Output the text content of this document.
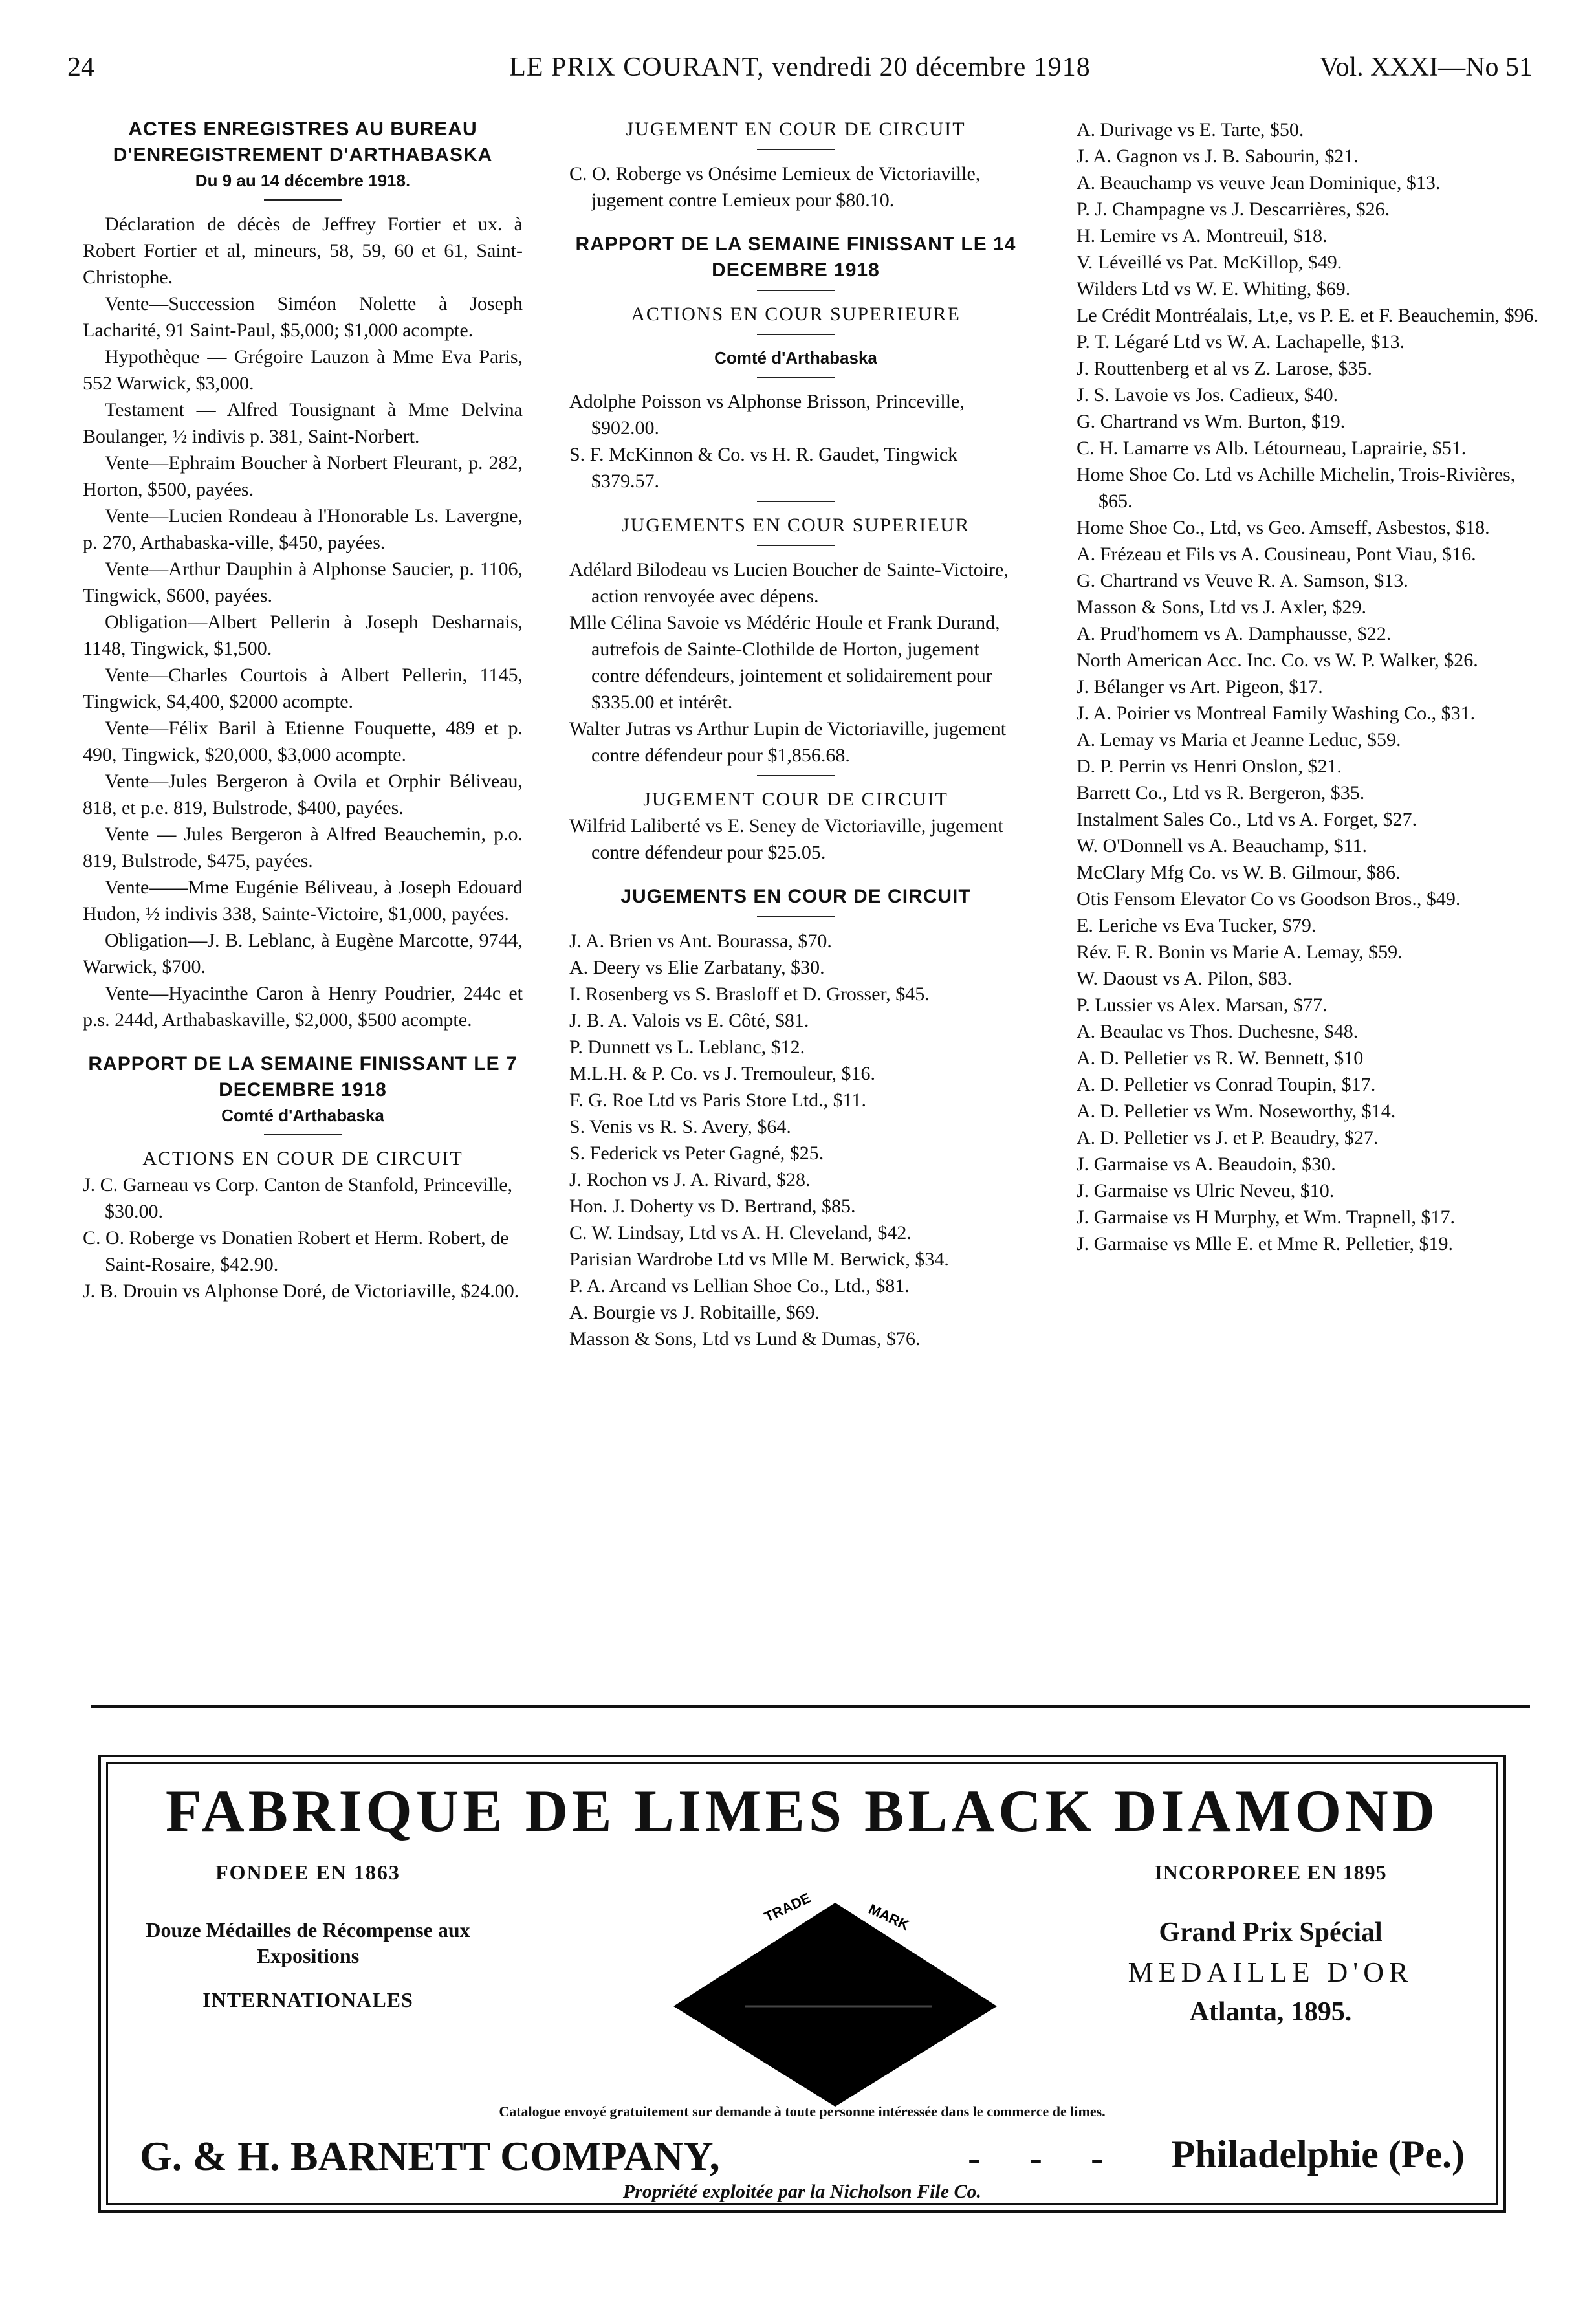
24	LE PRIX COURANT, vendredi 20 décembre 1918	Vol. XXXI—No 51
ACTES ENREGISTRES AU BUREAU D'ENREGISTREMENT D'ARTHABASKA
Du 9 au 14 décembre 1918.

Déclaration de décès de Jeffrey Fortier et ux. à Robert Fortier et al, mineurs, 58, 59, 60 et 61, Saint-Christophe.

Vente—Succession Siméon Nolette à Joseph Lacharité, 91 Saint-Paul, $5,000; $1,000 acompte.

Hypothèque — Grégoire Lauzon à Mme Eva Paris, 552 Warwick, $3,000.

Testament — Alfred Tousignant à Mme Delvina Boulanger, ½ indivis p. 381, Saint-Norbert.

Vente—Ephraim Boucher à Norbert Fleurant, p. 282, Horton, $500, payées.

Vente—Lucien Rondeau à l'Honorable Ls. Lavergne, p. 270, Arthabaska-ville, $450, payées.

Vente—Arthur Dauphin à Alphonse Saucier, p. 1106, Tingwick, $600, payées.

Obligation—Albert Pellerin à Joseph Desharnais, 1148, Tingwick, $1,500.

Vente—Charles Courtois à Albert Pellerin, 1145, Tingwick, $4,400, $2000 acompte.

Vente—Félix Baril à Etienne Fouquette, 489 et p. 490, Tingwick, $20,000, $3,000 acompte.

Vente—Jules Bergeron à Ovila et Orphir Béliveau, 818, et p.e. 819, Bulstrode, $400, payées.

Vente — Jules Bergeron à Alfred Beauchemin, p.o. 819, Bulstrode, $475, payées.

Vente——Mme Eugénie Béliveau, à Joseph Edouard Hudon, ½ indivis 338, Sainte-Victoire, $1,000, payées.

Obligation—J. B. Leblanc, à Eugène Marcotte, 9744, Warwick, $700.

Vente—Hyacinthe Caron à Henry Poudrier, 244c et p.s. 244d, Arthabaskaville, $2,000, $500 acompte.

RAPPORT DE LA SEMAINE FINISSANT LE 7 DECEMBRE 1918
Comté d'Arthabaska
ACTIONS EN COUR DE CIRCUIT

J. C. Garneau vs Corp. Canton de Stanfold, Princeville, $30.00.

C. O. Roberge vs Donatien Robert et Herm. Robert, de Saint-Rosaire, $42.90.

J. B. Drouin vs Alphonse Doré, de Victoriaville, $24.00.

JUGEMENT EN COUR DE CIRCUIT

C. O. Roberge vs Onésime Lemieux de Victoriaville, jugement contre Lemieux pour $80.10.

RAPPORT DE LA SEMAINE FINISSANT LE 14 DECEMBRE 1918
ACTIONS EN COUR SUPERIEURE
Comté d'Arthabaska

Adolphe Poisson vs Alphonse Brisson, Princeville, $902.00.

S. F. McKinnon & Co. vs H. R. Gaudet, Tingwick $379.57.

JUGEMENTS EN COUR SUPERIEUR

Adélard Bilodeau vs Lucien Boucher de Sainte-Victoire, action renvoyée avec dépens.

Mlle Célina Savoie vs Médéric Houle et Frank Durand, autrefois de Sainte-Clothilde de Horton, jugement contre défendeurs, jointement et solidairement pour $335.00 et intérêt.

Walter Jutras vs Arthur Lupin de Victoriaville, jugement contre défendeur pour $1,856.68.

JUGEMENT COUR DE CIRCUIT

Wilfrid Laliberté vs E. Seney de Victoriaville, jugement contre défendeur pour $25.05.

JUGEMENTS EN COUR DE CIRCUIT

J. A. Brien vs Ant. Bourassa, $70.

A. Deery vs Elie Zarbatany, $30.

I. Rosenberg vs S. Brasloff et D. Grosser, $45.

J. B. A. Valois vs E. Côté, $81.

P. Dunnett vs L. Leblanc, $12.

M.L.H. & P. Co. vs J. Tremouleur, $16.

F. G. Roe Ltd vs Paris Store Ltd., $11.

S. Venis vs R. S. Avery, $64.

S. Federick vs Peter Gagné, $25.

J. Rochon vs J. A. Rivard, $28.

Hon. J. Doherty vs D. Bertrand, $85.

C. W. Lindsay, Ltd vs A. H. Cleveland, $42.

Parisian Wardrobe Ltd vs Mlle M. Berwick, $34.

P. A. Arcand vs Lellian Shoe Co., Ltd., $81.

A. Bourgie vs J. Robitaille, $69.

Masson & Sons, Ltd vs Lund & Dumas, $76.

A. Durivage vs E. Tarte, $50.

J. A. Gagnon vs J. B. Sabourin, $21.

A. Beauchamp vs veuve Jean Dominique, $13.

P. J. Champagne vs J. Descarrières, $26.

H. Lemire vs A. Montreuil, $18.

V. Léveillé vs Pat. McKillop, $49.

Wilders Ltd vs W. E. Whiting, $69.

Le Crédit Montréalais, Lt,e, vs P. E. et F. Beauchemin, $96.

P. T. Légaré Ltd vs W. A. Lachapelle, $13.

J. Routtenberg et al vs Z. Larose, $35.

J. S. Lavoie vs Jos. Cadieux, $40.

G. Chartrand vs Wm. Burton, $19.

C. H. Lamarre vs Alb. Létourneau, Laprairie, $51.

Home Shoe Co. Ltd vs Achille Michelin, Trois-Rivières, $65.

Home Shoe Co., Ltd, vs Geo. Amseff, Asbestos, $18.

A. Frézeau et Fils vs A. Cousineau, Pont Viau, $16.

G. Chartrand vs Veuve R. A. Samson, $13.

Masson & Sons, Ltd vs J. Axler, $29.

A. Prud'homem vs A. Damphausse, $22.

North American Acc. Inc. Co. vs W. P. Walker, $26.

J. Bélanger vs Art. Pigeon, $17.

J. A. Poirier vs Montreal Family Washing Co., $31.

A. Lemay vs Maria et Jeanne Leduc, $59.

D. P. Perrin vs Henri Onslon, $21.

Barrett Co., Ltd vs R. Bergeron, $35.

Instalment Sales Co., Ltd vs A. Forget, $27.

W. O'Donnell vs A. Beauchamp, $11.

McClary Mfg Co. vs W. B. Gilmour, $86.

Otis Fensom Elevator Co vs Goodson Bros., $49.

E. Leriche vs Eva Tucker, $79.

Rév. F. R. Bonin vs Marie A. Lemay, $59.

W. Daoust vs A. Pilon, $83.

P. Lussier vs Alex. Marsan, $77.

A. Beaulac vs Thos. Duchesne, $48.

A. D. Pelletier vs R. W. Bennett, $10

A. D. Pelletier vs Conrad Toupin, $17.

A. D. Pelletier vs Wm. Noseworthy, $14.

A. D. Pelletier vs J. et P. Beaudry, $27.

J. Garmaise vs A. Beaudoin, $30.

J. Garmaise vs Ulric Neveu, $10.

J. Garmaise vs H Murphy, et Wm. Trapnell, $17.

J. Garmaise vs Mlle E. et Mme R. Pelletier, $19.

FABRIQUE DE LIMES BLACK DIAMOND
FONDEE EN 1863
Douze Médailles de Récompense aux Expositions
INTERNATIONALES
TRADE	MARK
INCORPOREE EN 1895
Grand Prix Spécial
MEDAILLE D'OR
Atlanta, 1895.
Catalogue envoyé gratuitement sur demande à toute personne intéressée dans le commerce de limes.
G. & H. BARNETT COMPANY,	- - - Philadelphie (Pe.)
Propriété exploitée par la Nicholson File Co.
